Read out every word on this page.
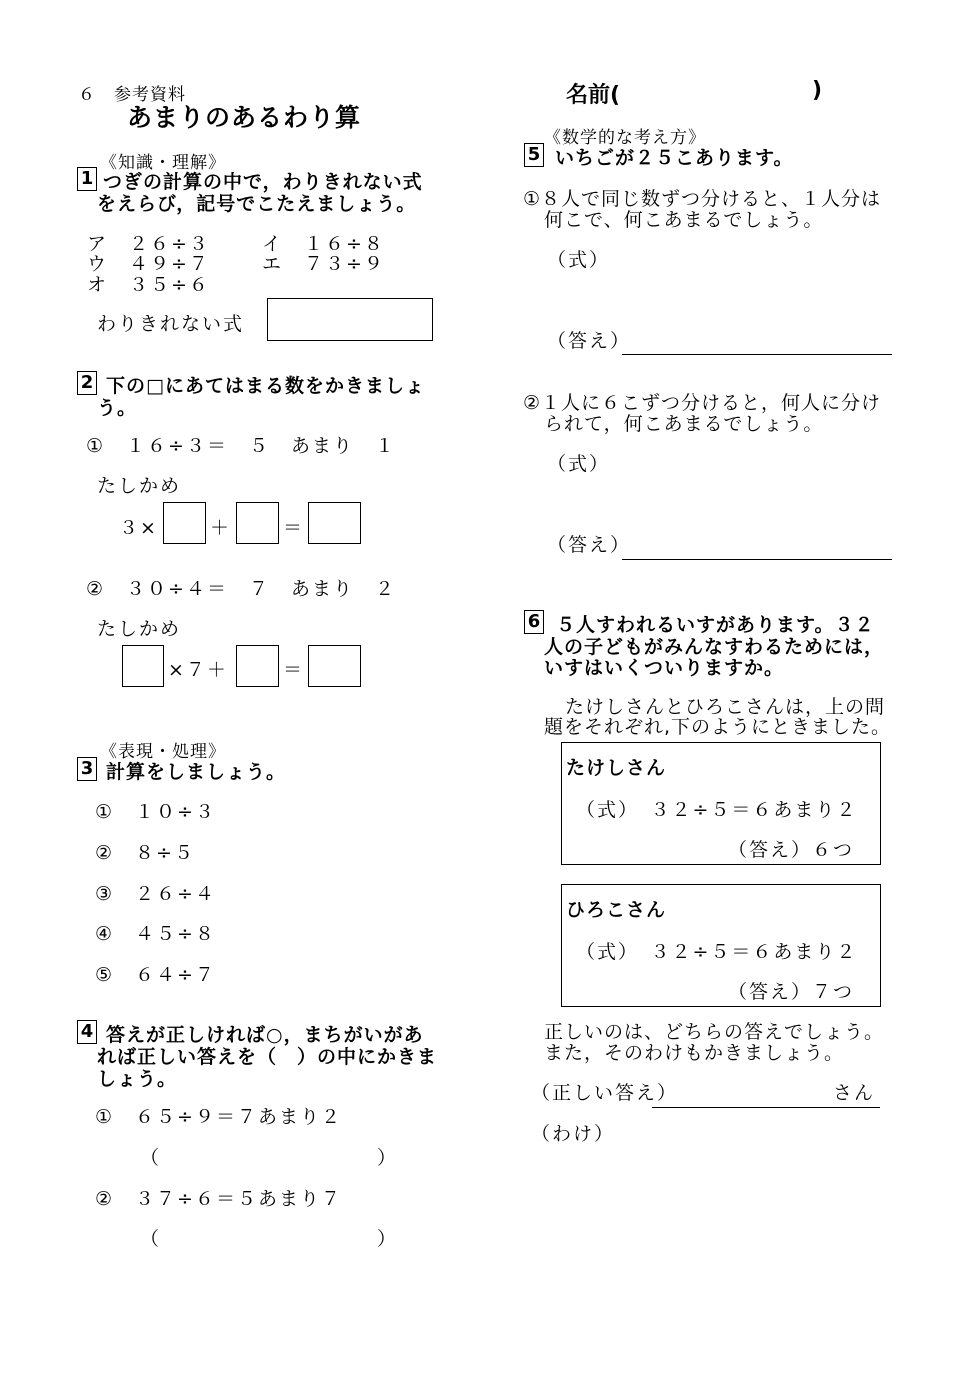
６　参考資料
あまりのあるわり算
名前(	)
《知識・理解》
1 つぎの計算の中で，わりきれない式
をえらび，記号でこたえましょう。
ア　２６÷３	イ　１６÷８
ウ　４９÷７	エ　７３÷９
オ　３５÷６
わりきれない式
2 下の□にあてはまる数をかきましょ
う。
①　１６÷３＝　５　あまり　１
たしかめ
３×	＋	＝
②　３０÷４＝　７　あまり　２
たしかめ
×７＋	＝
《表現・処理》
3 計算をしましょう。
①　１０÷３
②　８÷５
③　２６÷４
④　４５÷８
⑤　６４÷７
4 答えが正しければ○，まちがいがあ
れば正しい答えを（　）の中にかきま
しょう。
①　６５÷９＝７あまり２
（	）
②　３７÷６＝５あまり７
（	）
《数学的な考え方》
5 いちごが２５こあります。
①８人で同じ数ずつ分けると、１人分は
何こで、何こあまるでしょう。
（式）
（答え）
②１人に６こずつ分けると，何人に分け
られて，何こあまるでしょう。
（式）
（答え）
6 ５人すわれるいすがあります。３２
人の子どもがみんなすわるためには，
いすはいくついりますか。
たけしさんとひろこさんは，上の問
題をそれぞれ,下のようにときました。
たけしさん
（式）　３２÷５＝６あまり２
（答え）６つ
ひろこさん
（式）　３２÷５＝６あまり２
（答え）７つ
正しいのは、どちらの答えでしょう。
また，そのわけもかきましょう。
（正しい答え）	さん
（わけ）
